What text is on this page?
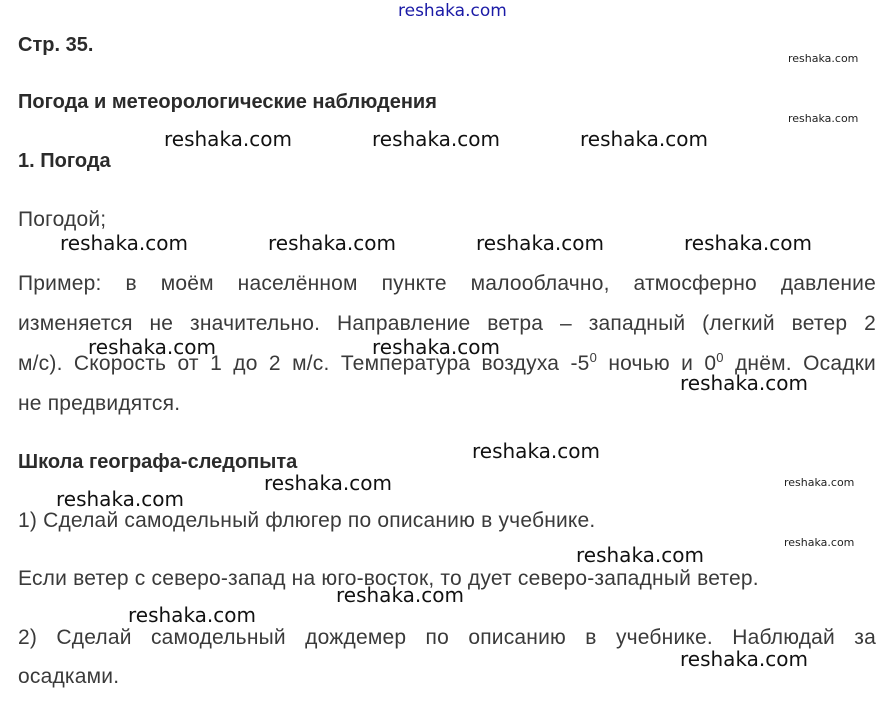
reshaka.com
reshaka.com
reshaka.com
reshaka.com
reshaka.com
reshaka.com	reshaka.com	reshaka.com
reshaka.com	reshaka.com	reshaka.com	reshaka.com
Стр. 35.
Погода и метеорологические наблюдения
1. Погода
Погодой;
Пример: в моём населённом пункте малооблачно, атмосферно давление
изменяется не значительно. Направление ветра – западный (легкий ветер 2
м/с). Скорость от 1 до 2 м/с. Температура воздуха $-5^0$ ночью и $0^0$ днём. Осадки
не предвидятся.
reshaka.com	reshaka.com
reshaka.com
Школа географа-следопыта	reshaka.com
reshaka.com
reshaka.com
1) Сделай самодельный флюгер по описанию в учебнике.
reshaka.com
Если ветер с северо-запад на юго-восток, то дует северо-западный ветер.
reshaka.com
reshaka.com
2) Сделай самодельный дождемер по описанию в учебнике. Наблюдай за
reshaka.com
осадками.
